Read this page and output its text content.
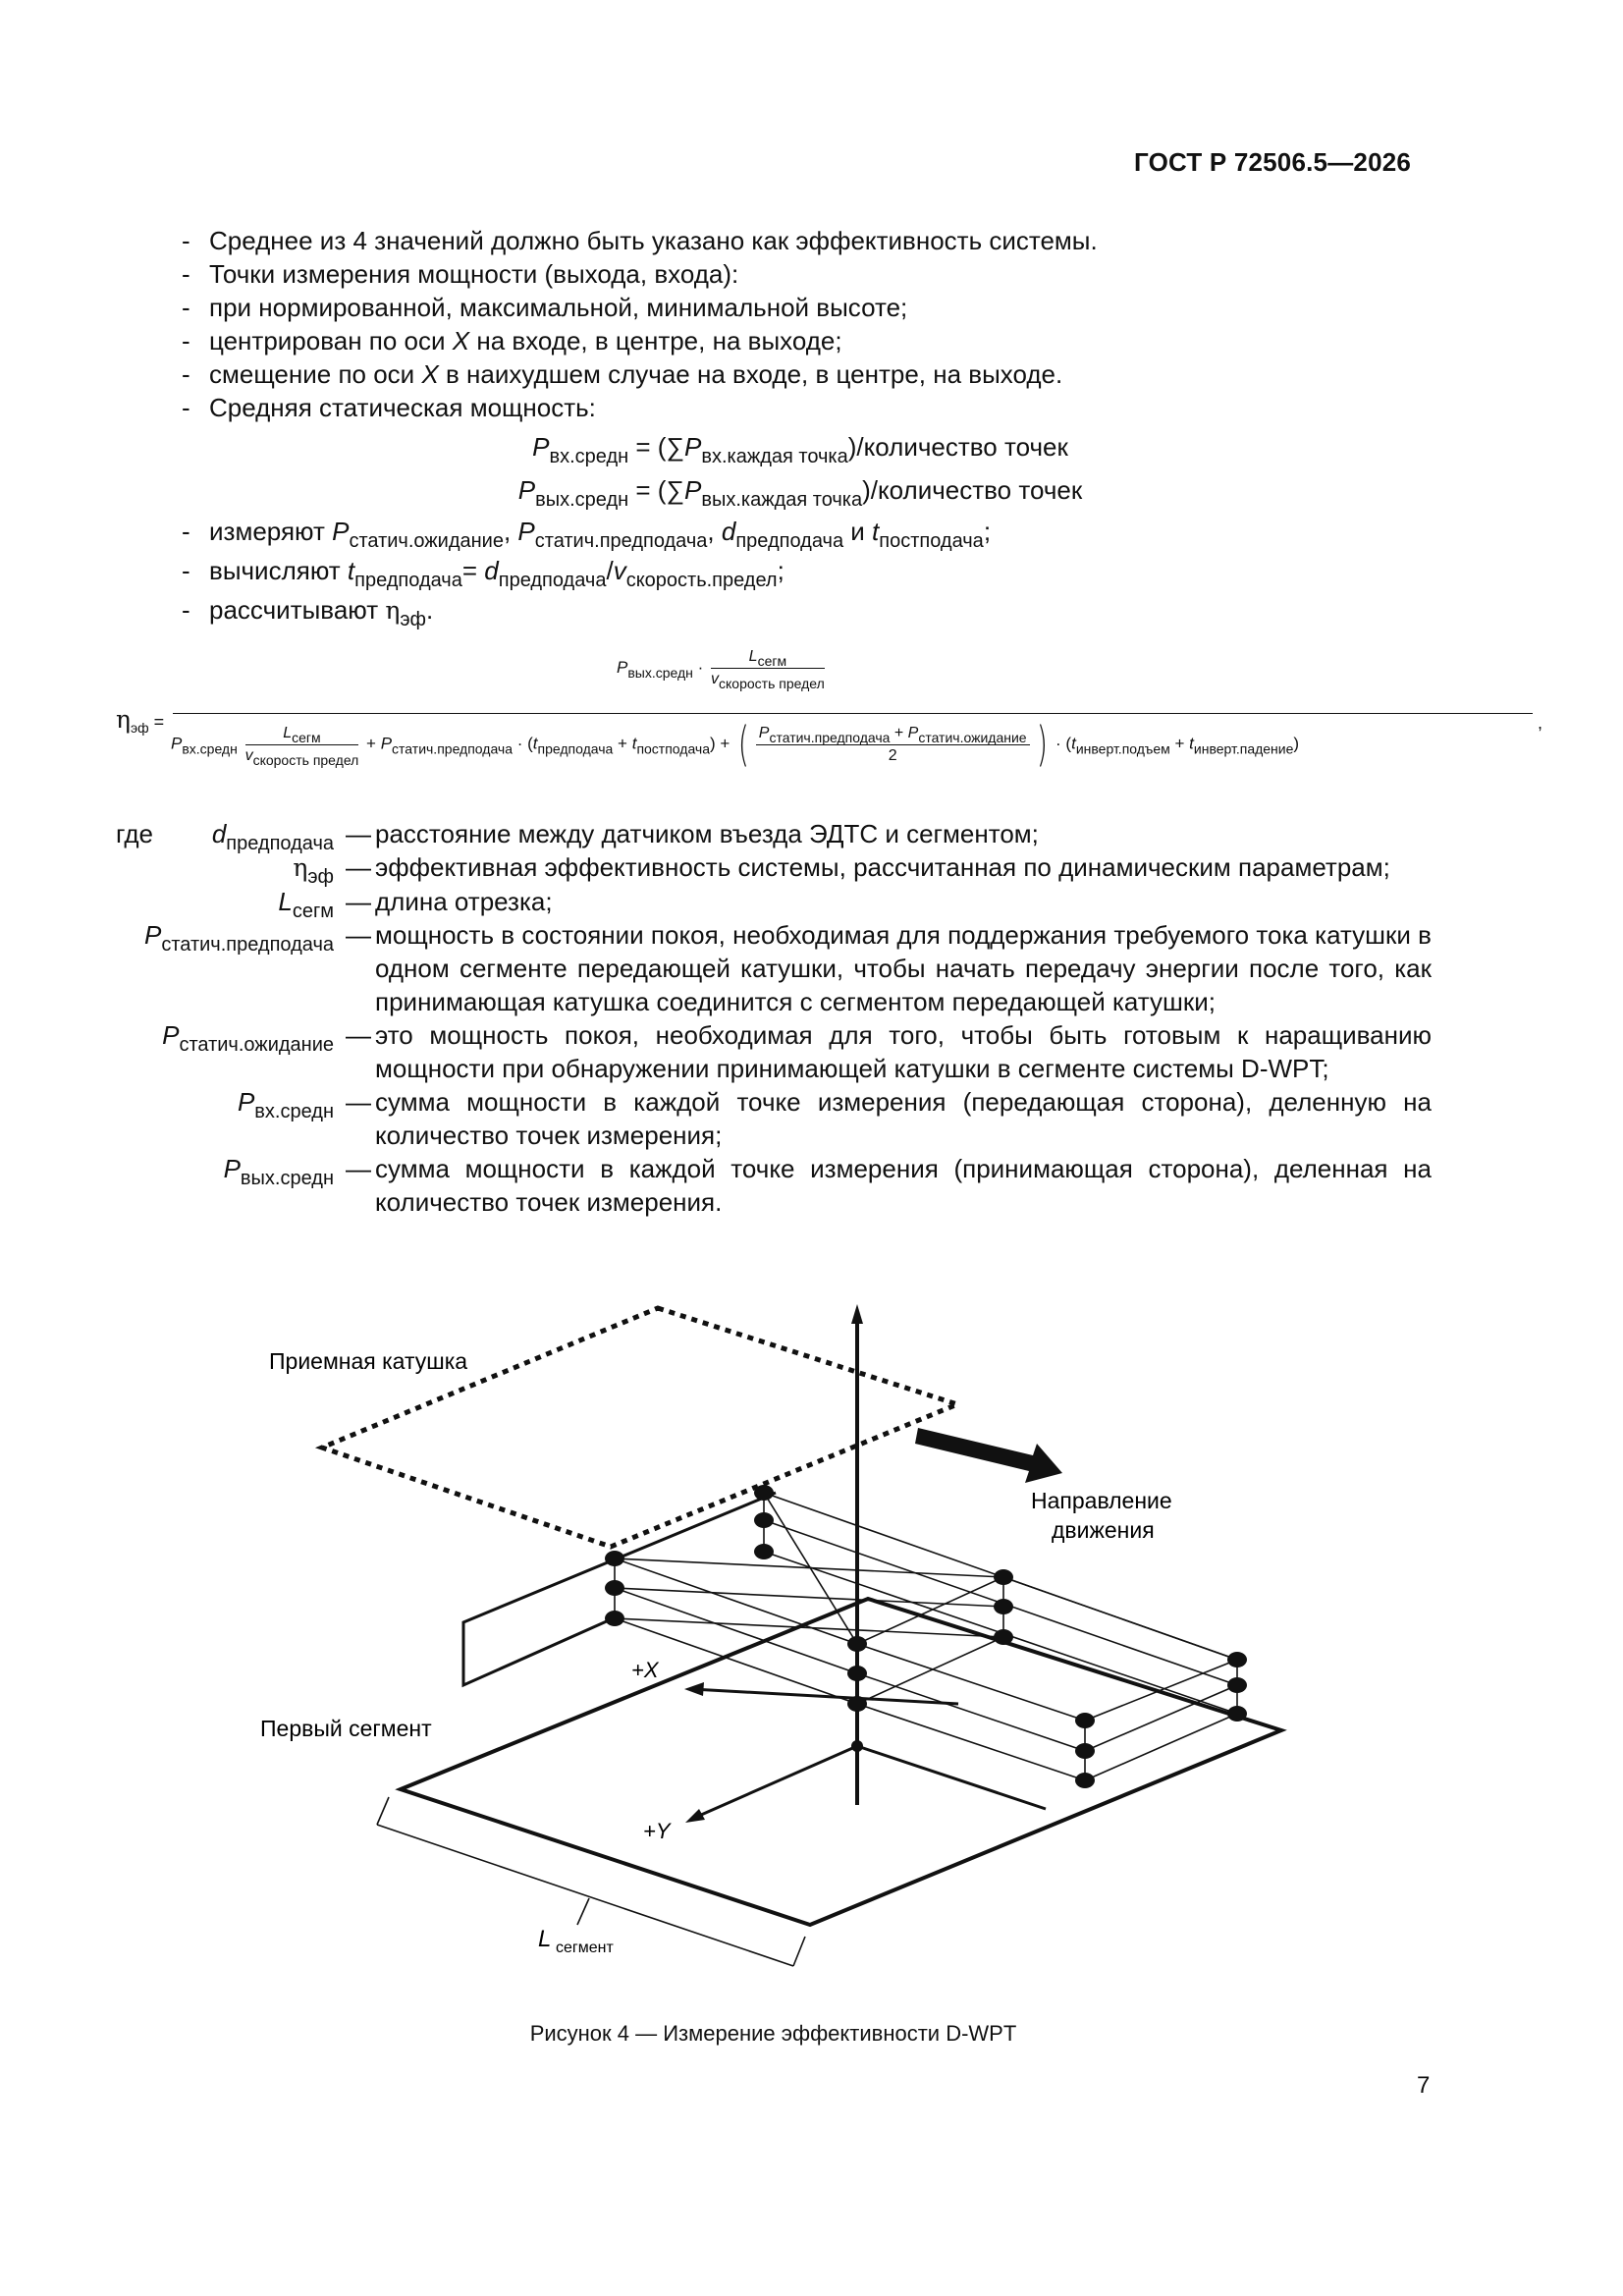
ГОСТ Р 72506.5—2026
- Среднее из 4 значений должно быть указано как эффективность системы.
- Точки измерения мощности (выхода, входа):
- при нормированной, максимальной, минимальной высоте;
- центрирован по оси X на входе, в центре, на выходе;
- смещение по оси X в наихудшем случае на входе, в центре, на выходе.
- Средняя статическая мощность:
$P_{вх.средн}$ = $(\sum P_{вх.каждая точка})$/количество точек
$P_{вых.средн}$ = $(\sum P_{вых.каждая точка})$/количество точек
- измеряют $P_{статич.ожидание}$, $P_{статич.предподача}$, $d_{предподача}$ и $t_{постподача}$;
- вычисляют $t_{предподача}= d_{предподача}/v_{скорость.предел}$;
- рассчитывают $\eta_{эф}$.
$\eta_{эф}$ =
$P_{вых.средн} \cdot \frac{L_{сегм}}{v_{скорость предел}}$
$P_{вх.средн} \frac{L_{сегм}}{v_{скорость предел}} + P_{статич.предподача} \cdot (t_{предподача} + t_{постподача})$ + ( $\frac{P_{статич.предподача} + P_{статич.ожидание}}{2}$ ) · $(t_{инверт.подъем} + t_{инверт.падение})$
,
где	$d_{предподача}$ — расстояние между датчиком въезда ЭДТС и сегментом;
$\eta_{эф}$ — эффективная эффективность системы, рассчитанная по динамическим параметрам;
$L_{сегм}$ — длина отрезка;
$P_{статич.предподача}$ — мощность в состоянии покоя, необходимая для поддержания требуемого тока катушки в одном сегменте передающей катушки, чтобы начать передачу энергии после того, как принимающая катушка соединится с сегментом передающей катушки;
$P_{статич.ожидание}$ — это мощность покоя, необходимая для того, чтобы быть готовым к наращиванию мощности при обнаружении принимающей катушки в сегменте системы D-WPT;
$P_{вх.средн}$ — сумма мощности в каждой точке измерения (передающая сторона), деленную на количество точек измерения;
$P_{вых.средн}$ — сумма мощности в каждой точке измерения (принимающая сторона), деленная на количество точек измерения.
Приемная катушка
Направление
движения
Первый сегмент
+X
+Y
L сегмент
Рисунок 4 — Измерение эффективности D-WPT
7
